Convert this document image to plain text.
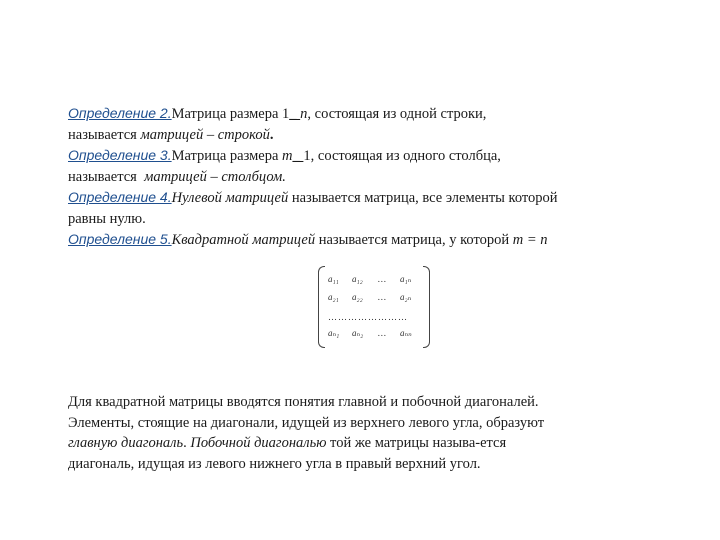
Определение 2.Матрица размера 1_ n, состоящая из одной строки,
называется матрицей – строкой.
Определение 3.Матрица размера m_ 1, состоящая из одного столбца,
называется  матрицей – столбцом.
Определение 4.Нулевой матрицей называется матрица, все элементы которой
равны нулю.
Определение 5.Квадратной матрицей называется матрица, у которой m = n
a₁₁ a₁₂ … a₁ₙ
a₂₁ a₂₂ … a₂ₙ
……………………
aₙ₁ aₙ₂ … aₙₙ
Для квадратной матрицы вводятся понятия главной и побочной диагоналей.
Элементы, стоящие на диагонали, идущей из верхнего левого угла, образуют
главную диагональ. Побочной диагональю той же матрицы называ-ется
диагональ, идущая из левого нижнего угла в правый верхний угол.
